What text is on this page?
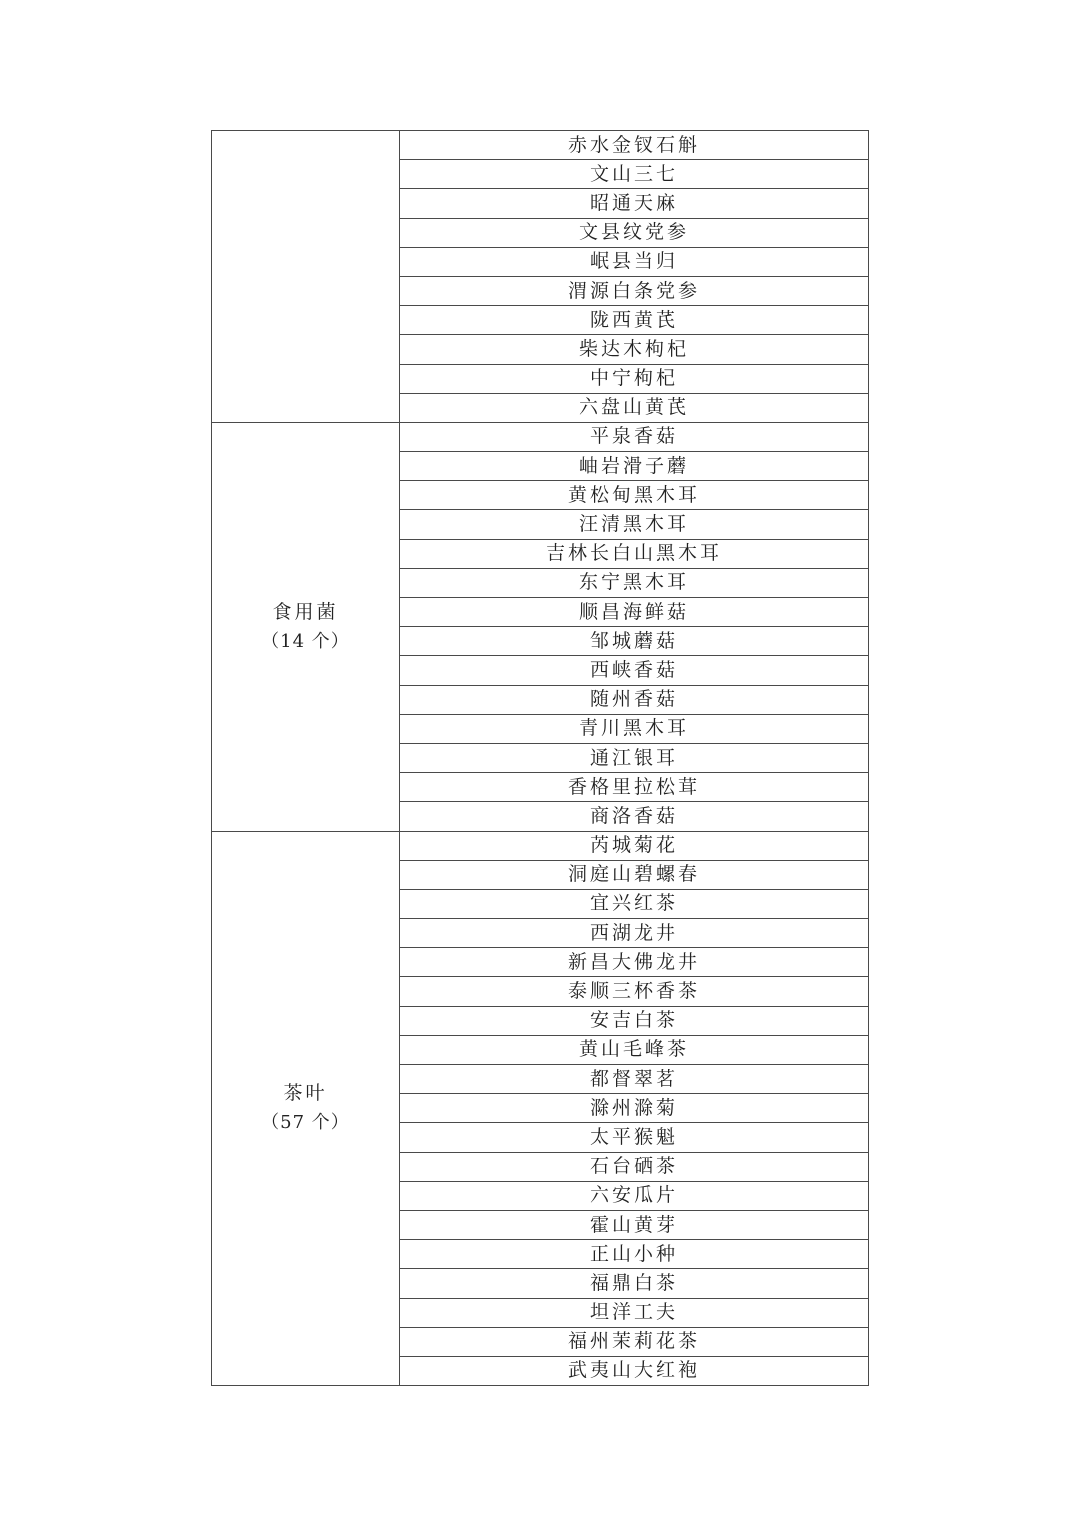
	赤水金钗石斛
	文山三七
	昭通天麻
	文县纹党参
	岷县当归
	渭源白条党参
	陇西黄芪
	柴达木枸杞
	中宁枸杞
	六盘山黄芪

食用菌
（14 个）	平泉香菇
	岫岩滑子蘑
	黄松甸黑木耳
	汪清黑木耳
	吉林长白山黑木耳
	东宁黑木耳
	顺昌海鲜菇
	邹城蘑菇
	西峡香菇
	随州香菇
	青川黑木耳
	通江银耳
	香格里拉松茸
	商洛香菇

茶叶
（57 个）	芮城菊花
	洞庭山碧螺春
	宜兴红茶
	西湖龙井
	新昌大佛龙井
	泰顺三杯香茶
	安吉白茶
	黄山毛峰茶
	都督翠茗
	滁州滁菊
	太平猴魁
	石台硒茶
	六安瓜片
	霍山黄芽
	正山小种
	福鼎白茶
	坦洋工夫
	福州茉莉花茶
	武夷山大红袍
